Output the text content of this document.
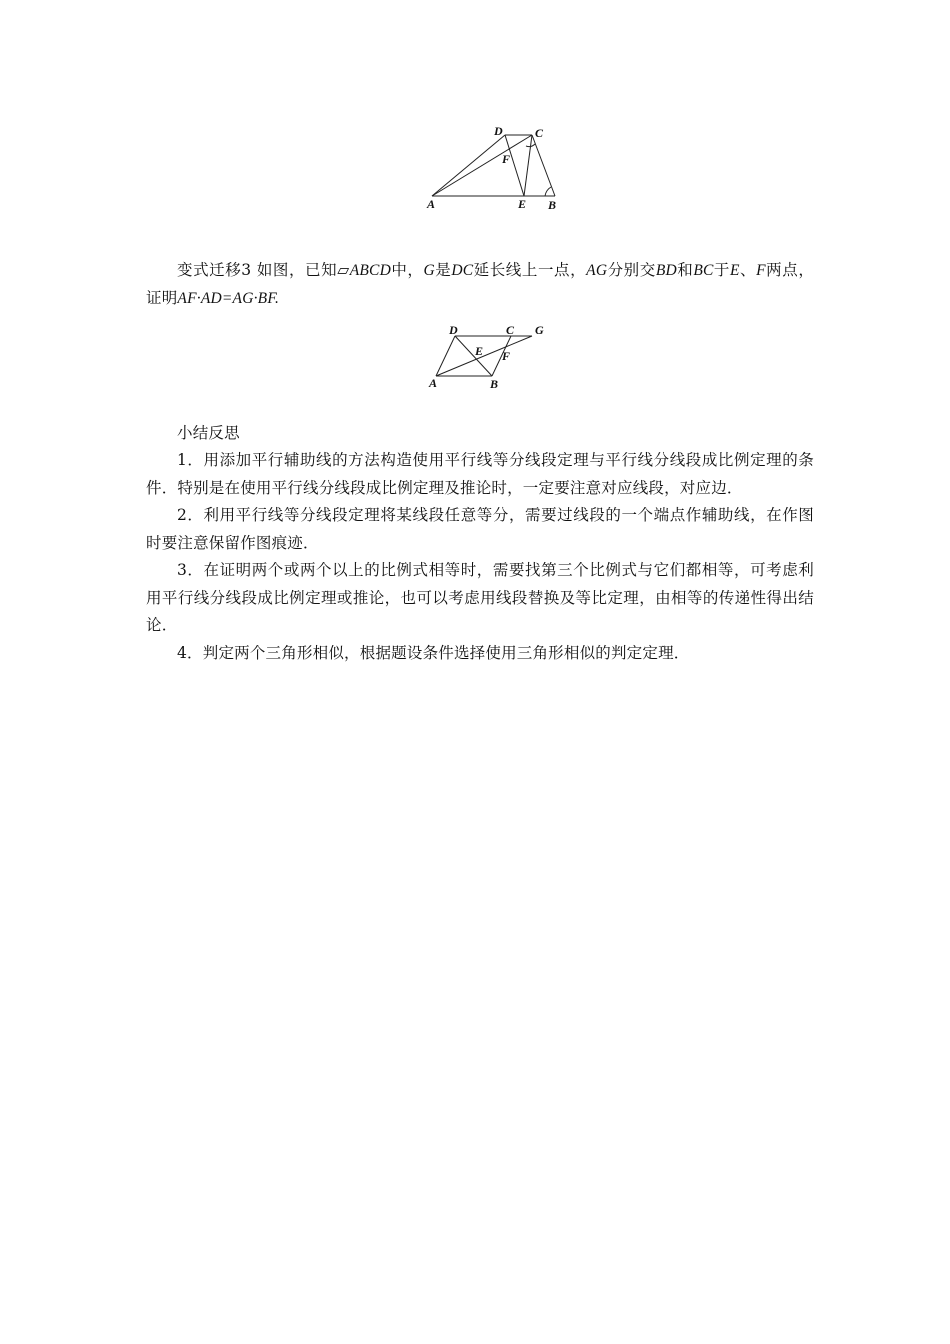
D	C
F
A	E B
变式迁移3 如图，已知▱ABCD中，G是DC延长线上一点，AG分别交BD和BC于E、F两点，证明AF·AD=AG·BF.
D	C G
E F
A	B
小结反思
1．用添加平行辅助线的方法构造使用平行线等分线段定理与平行线分线段成比例定理的条件．特别是在使用平行线分线段成比例定理及推论时，一定要注意对应线段，对应边．
2．利用平行线等分线段定理将某线段任意等分，需要过线段的一个端点作辅助线，在作图时要注意保留作图痕迹．
3．在证明两个或两个以上的比例式相等时，需要找第三个比例式与它们都相等，可考虑利用平行线分线段成比例定理或推论，也可以考虑用线段替换及等比定理，由相等的传递性得出结论．
4．判定两个三角形相似，根据题设条件选择使用三角形相似的判定定理．
